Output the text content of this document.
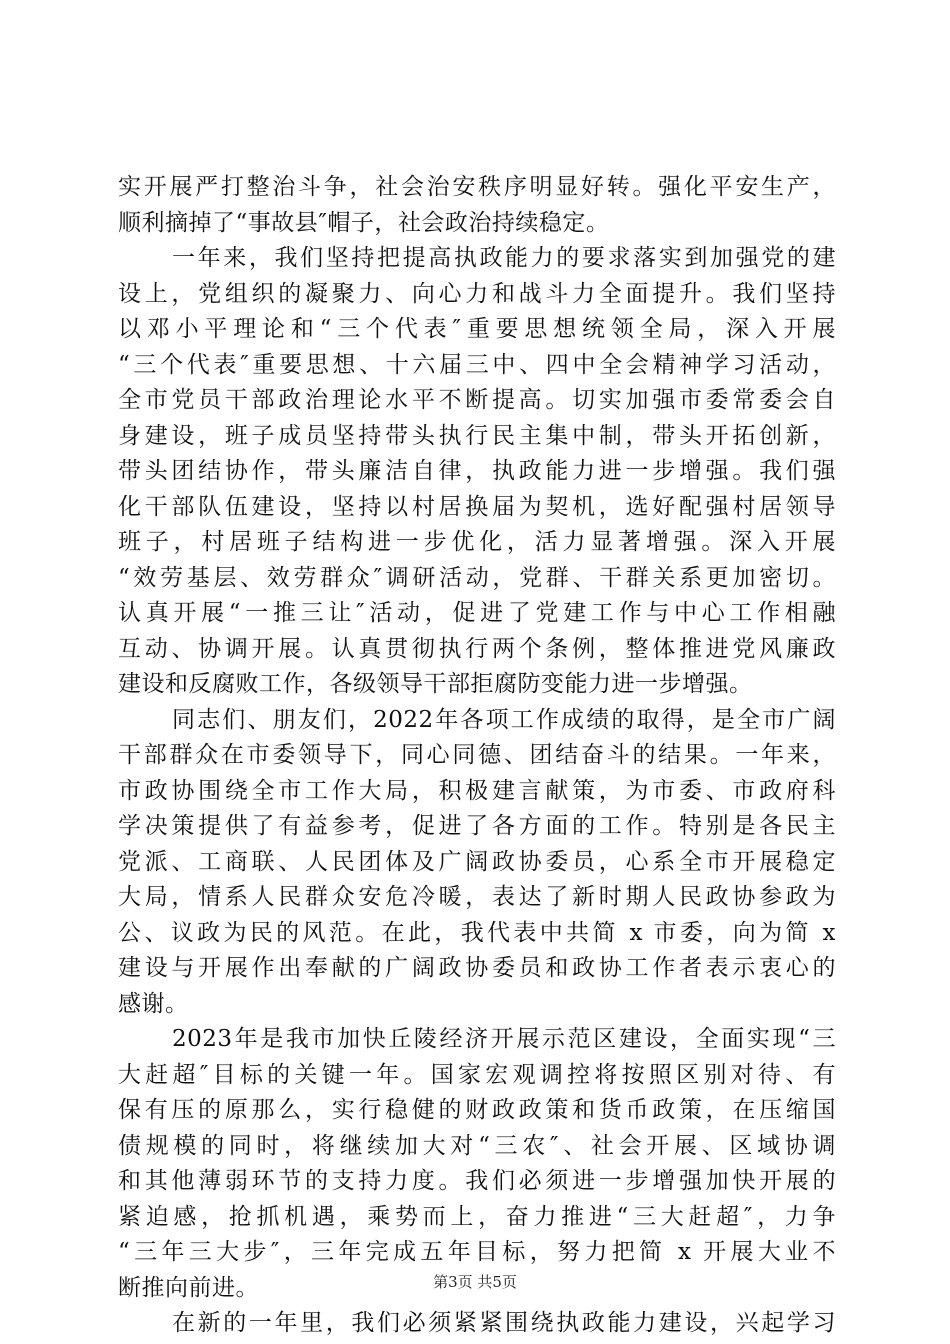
实开展严打整治斗争，社会治安秩序明显好转。强化平安生产，
顺利摘掉了“事故县″帽子，社会政治持续稳定。
一年来，我们坚持把提高执政能力的要求落实到加强党的建
设上，党组织的凝聚力、向心力和战斗力全面提升。我们坚持
以邓小平理论和“三个代表″重要思想统领全局，深入开展
“三个代表″重要思想、十六届三中、四中全会精神学习活动，
全市党员干部政治理论水平不断提高。切实加强市委常委会自
身建设，班子成员坚持带头执行民主集中制，带头开拓创新，
带头团结协作，带头廉洁自律，执政能力进一步增强。我们强
化干部队伍建设，坚持以村居换届为契机，选好配强村居领导
班子，村居班子结构进一步优化，活力显著增强。深入开展
“效劳基层、效劳群众″调研活动，党群、干群关系更加密切。
认真开展“一推三让″活动，促进了党建工作与中心工作相融
互动、协调开展。认真贯彻执行两个条例，整体推进党风廉政
建设和反腐败工作，各级领导干部拒腐防变能力进一步增强。
同志们、朋友们，2022年各项工作成绩的取得，是全市广阔
干部群众在市委领导下，同心同德、团结奋斗的结果。一年来，
市政协围绕全市工作大局，积极建言献策，为市委、市政府科
学决策提供了有益参考，促进了各方面的工作。特别是各民主
党派、工商联、人民团体及广阔政协委员，心系全市开展稳定
大局，情系人民群众安危冷暖，表达了新时期人民政协参政为
公、议政为民的风范。在此，我代表中共简 x 市委，向为简 x
建设与开展作出奉献的广阔政协委员和政协工作者表示衷心的
感谢。
2023年是我市加快丘陵经济开展示范区建设，全面实现“三
大赶超″目标的关键一年。国家宏观调控将按照区别对待、有
保有压的原那么，实行稳健的财政政策和货币政策，在压缩国
债规模的同时，将继续加大对“三农″、社会开展、区域协调
和其他薄弱环节的支持力度。我们必须进一步增强加快开展的
紧迫感，抢抓机遇，乘势而上，奋力推进“三大赶超″，力争
“三年三大步″，三年完成五年目标，努力把简 x 开展大业不
断推向前进。
在新的一年里，我们必须紧紧围绕执政能力建设，兴起学习
第3页 共5页
